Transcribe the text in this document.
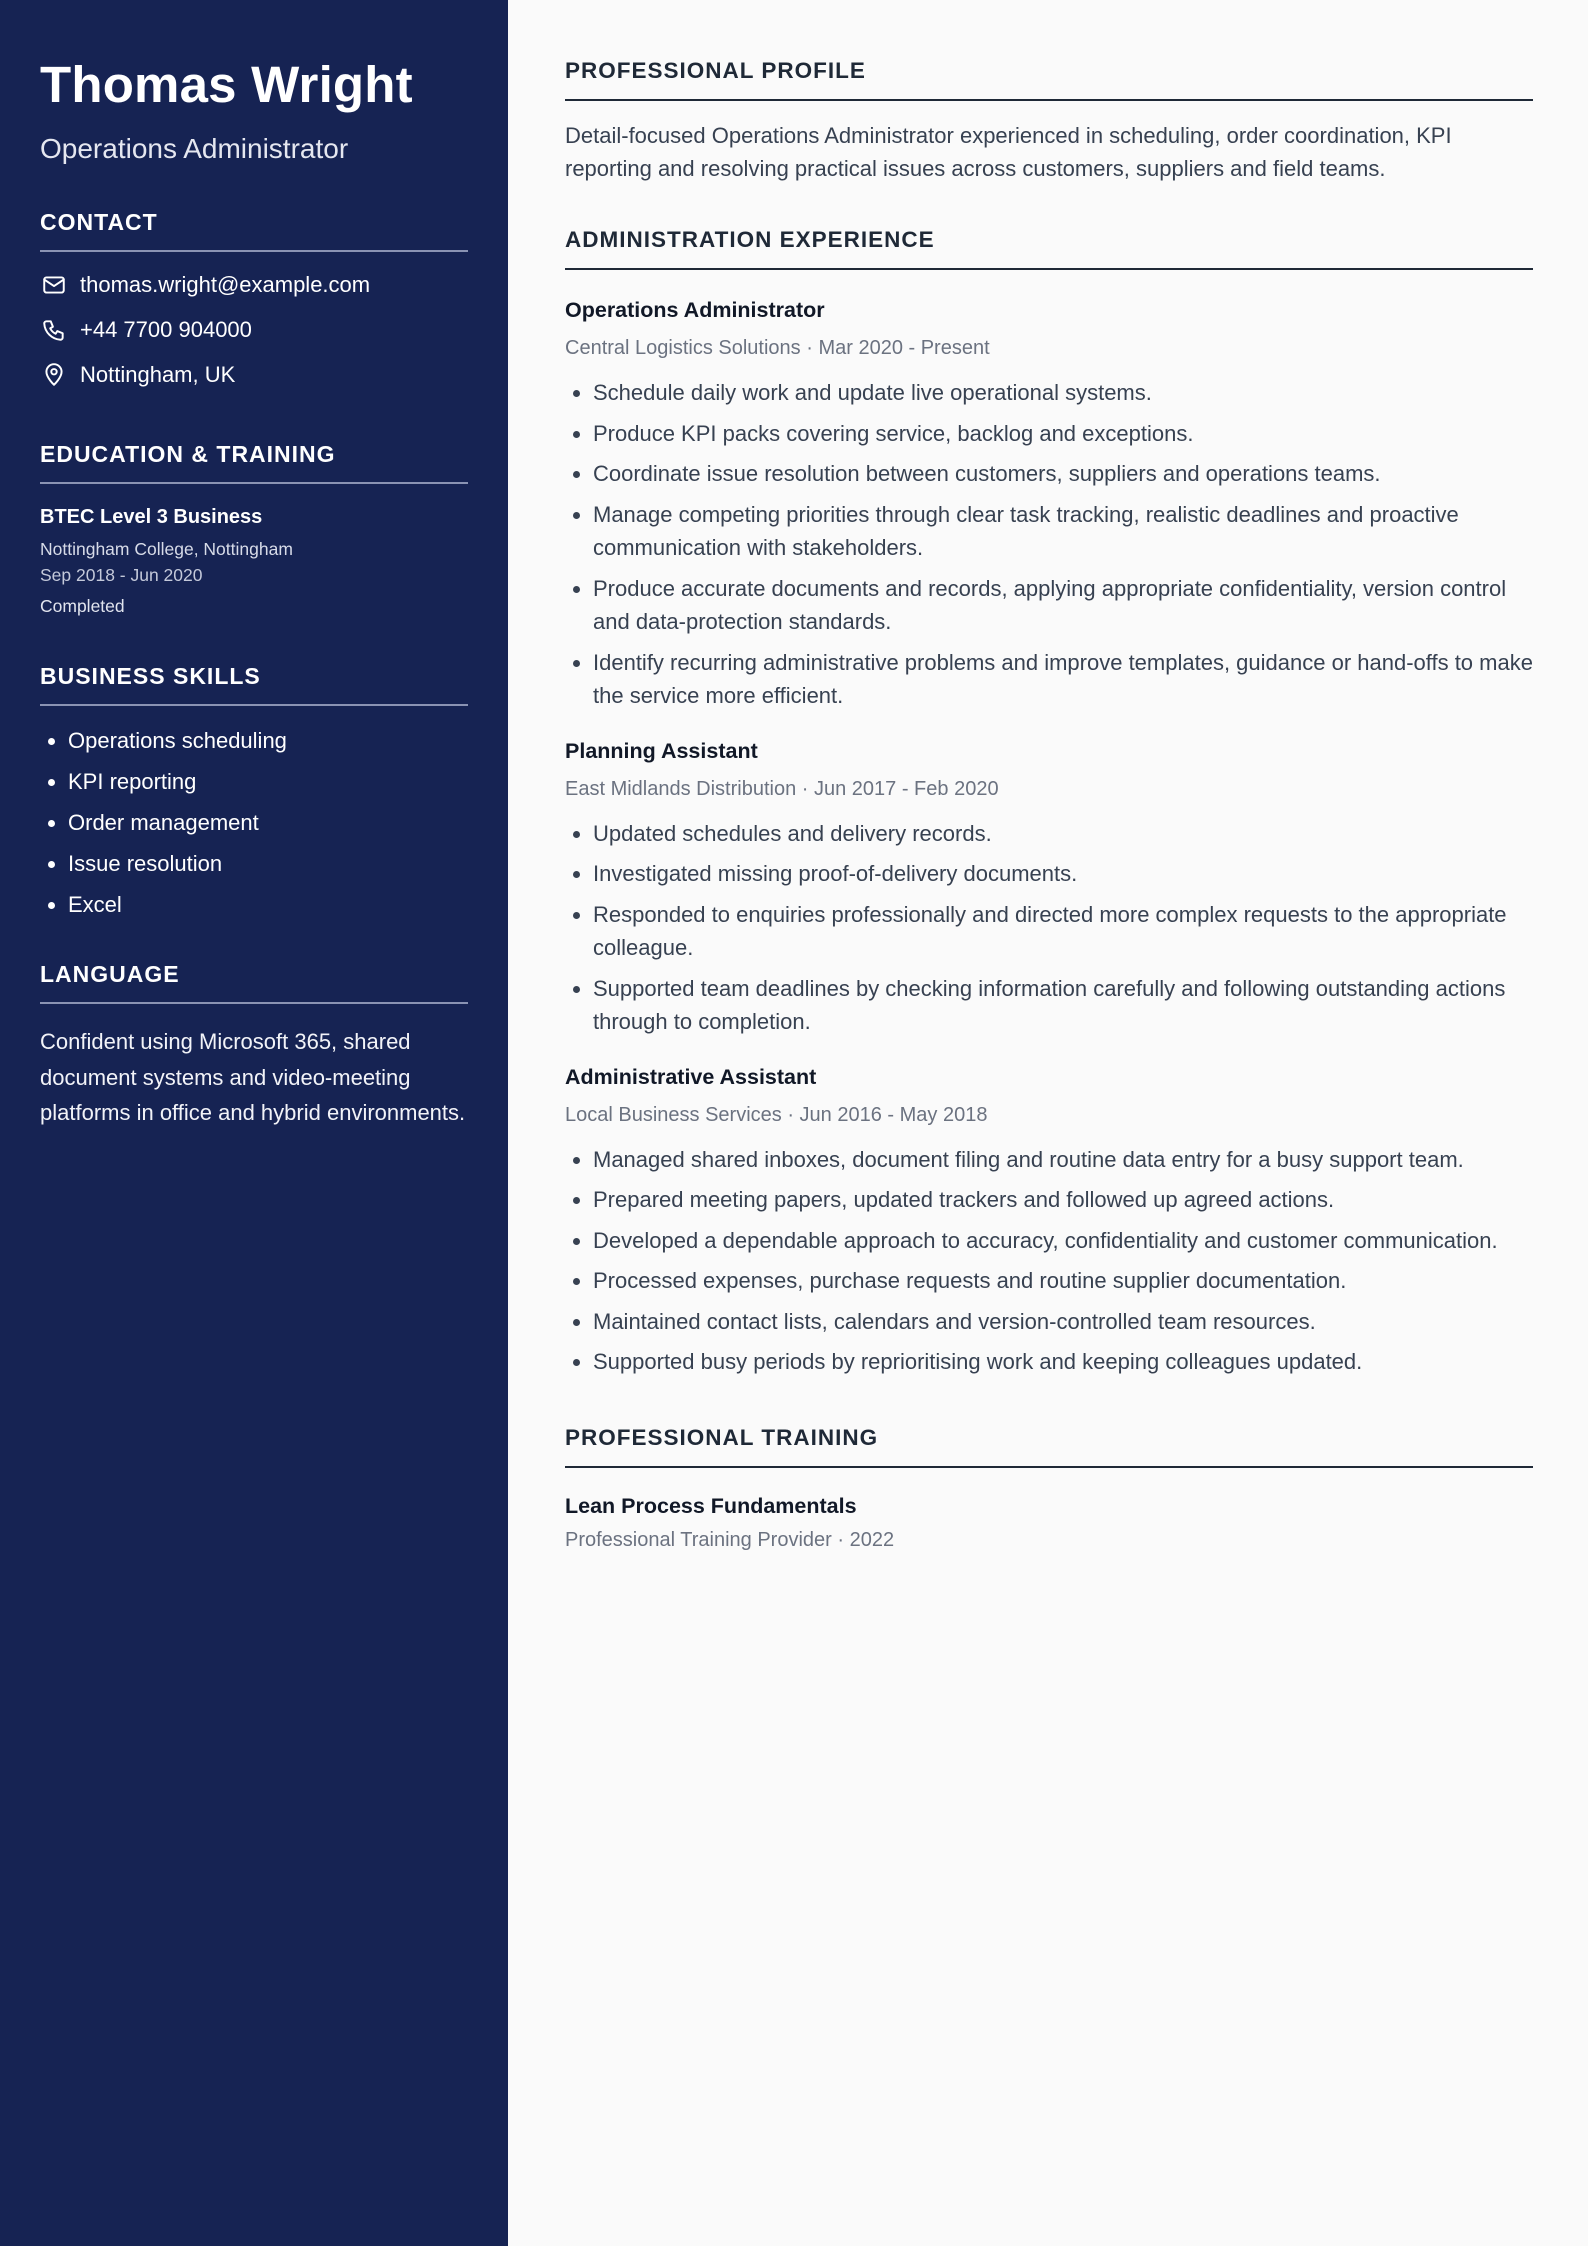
Thomas Wright

Operations Administrator

CONTACT
thomas.wright@example.com
+44 7700 904000
Nottingham, UK
EDUCATION & TRAINING

BTEC Level 3 Business

Nottingham College, Nottingham

Sep 2018 - Jun 2020

Completed

BUSINESS SKILLS
• Operations scheduling
• KPI reporting
• Order management
• Issue resolution
• Excel
LANGUAGE

Confident using Microsoft 365, shared document systems and video-meeting platforms in office and hybrid environments.

PROFESSIONAL PROFILE

Detail-focused Operations Administrator experienced in scheduling, order coordination, KPI reporting and resolving practical issues across customers, suppliers and field teams.

ADMINISTRATION EXPERIENCE

Operations Administrator

Central Logistics Solutions · Mar 2020 - Present

• Schedule daily work and update live operational systems.
• Produce KPI packs covering service, backlog and exceptions.
• Coordinate issue resolution between customers, suppliers and operations teams.
• Manage competing priorities through clear task tracking, realistic deadlines and proactive communication with stakeholders.
• Produce accurate documents and records, applying appropriate confidentiality, version control and data-protection standards.
• Identify recurring administrative problems and improve templates, guidance or hand-offs to make the service more efficient.

Planning Assistant

East Midlands Distribution · Jun 2017 - Feb 2020

• Updated schedules and delivery records.
• Investigated missing proof-of-delivery documents.
• Responded to enquiries professionally and directed more complex requests to the appropriate colleague.
• Supported team deadlines by checking information carefully and following outstanding actions through to completion.

Administrative Assistant

Local Business Services · Jun 2016 - May 2018

• Managed shared inboxes, document filing and routine data entry for a busy support team.
• Prepared meeting papers, updated trackers and followed up agreed actions.
• Developed a dependable approach to accuracy, confidentiality and customer communication.
• Processed expenses, purchase requests and routine supplier documentation.
• Maintained contact lists, calendars and version-controlled team resources.
• Supported busy periods by reprioritising work and keeping colleagues updated.
PROFESSIONAL TRAINING

Lean Process Fundamentals

Professional Training Provider · 2022
